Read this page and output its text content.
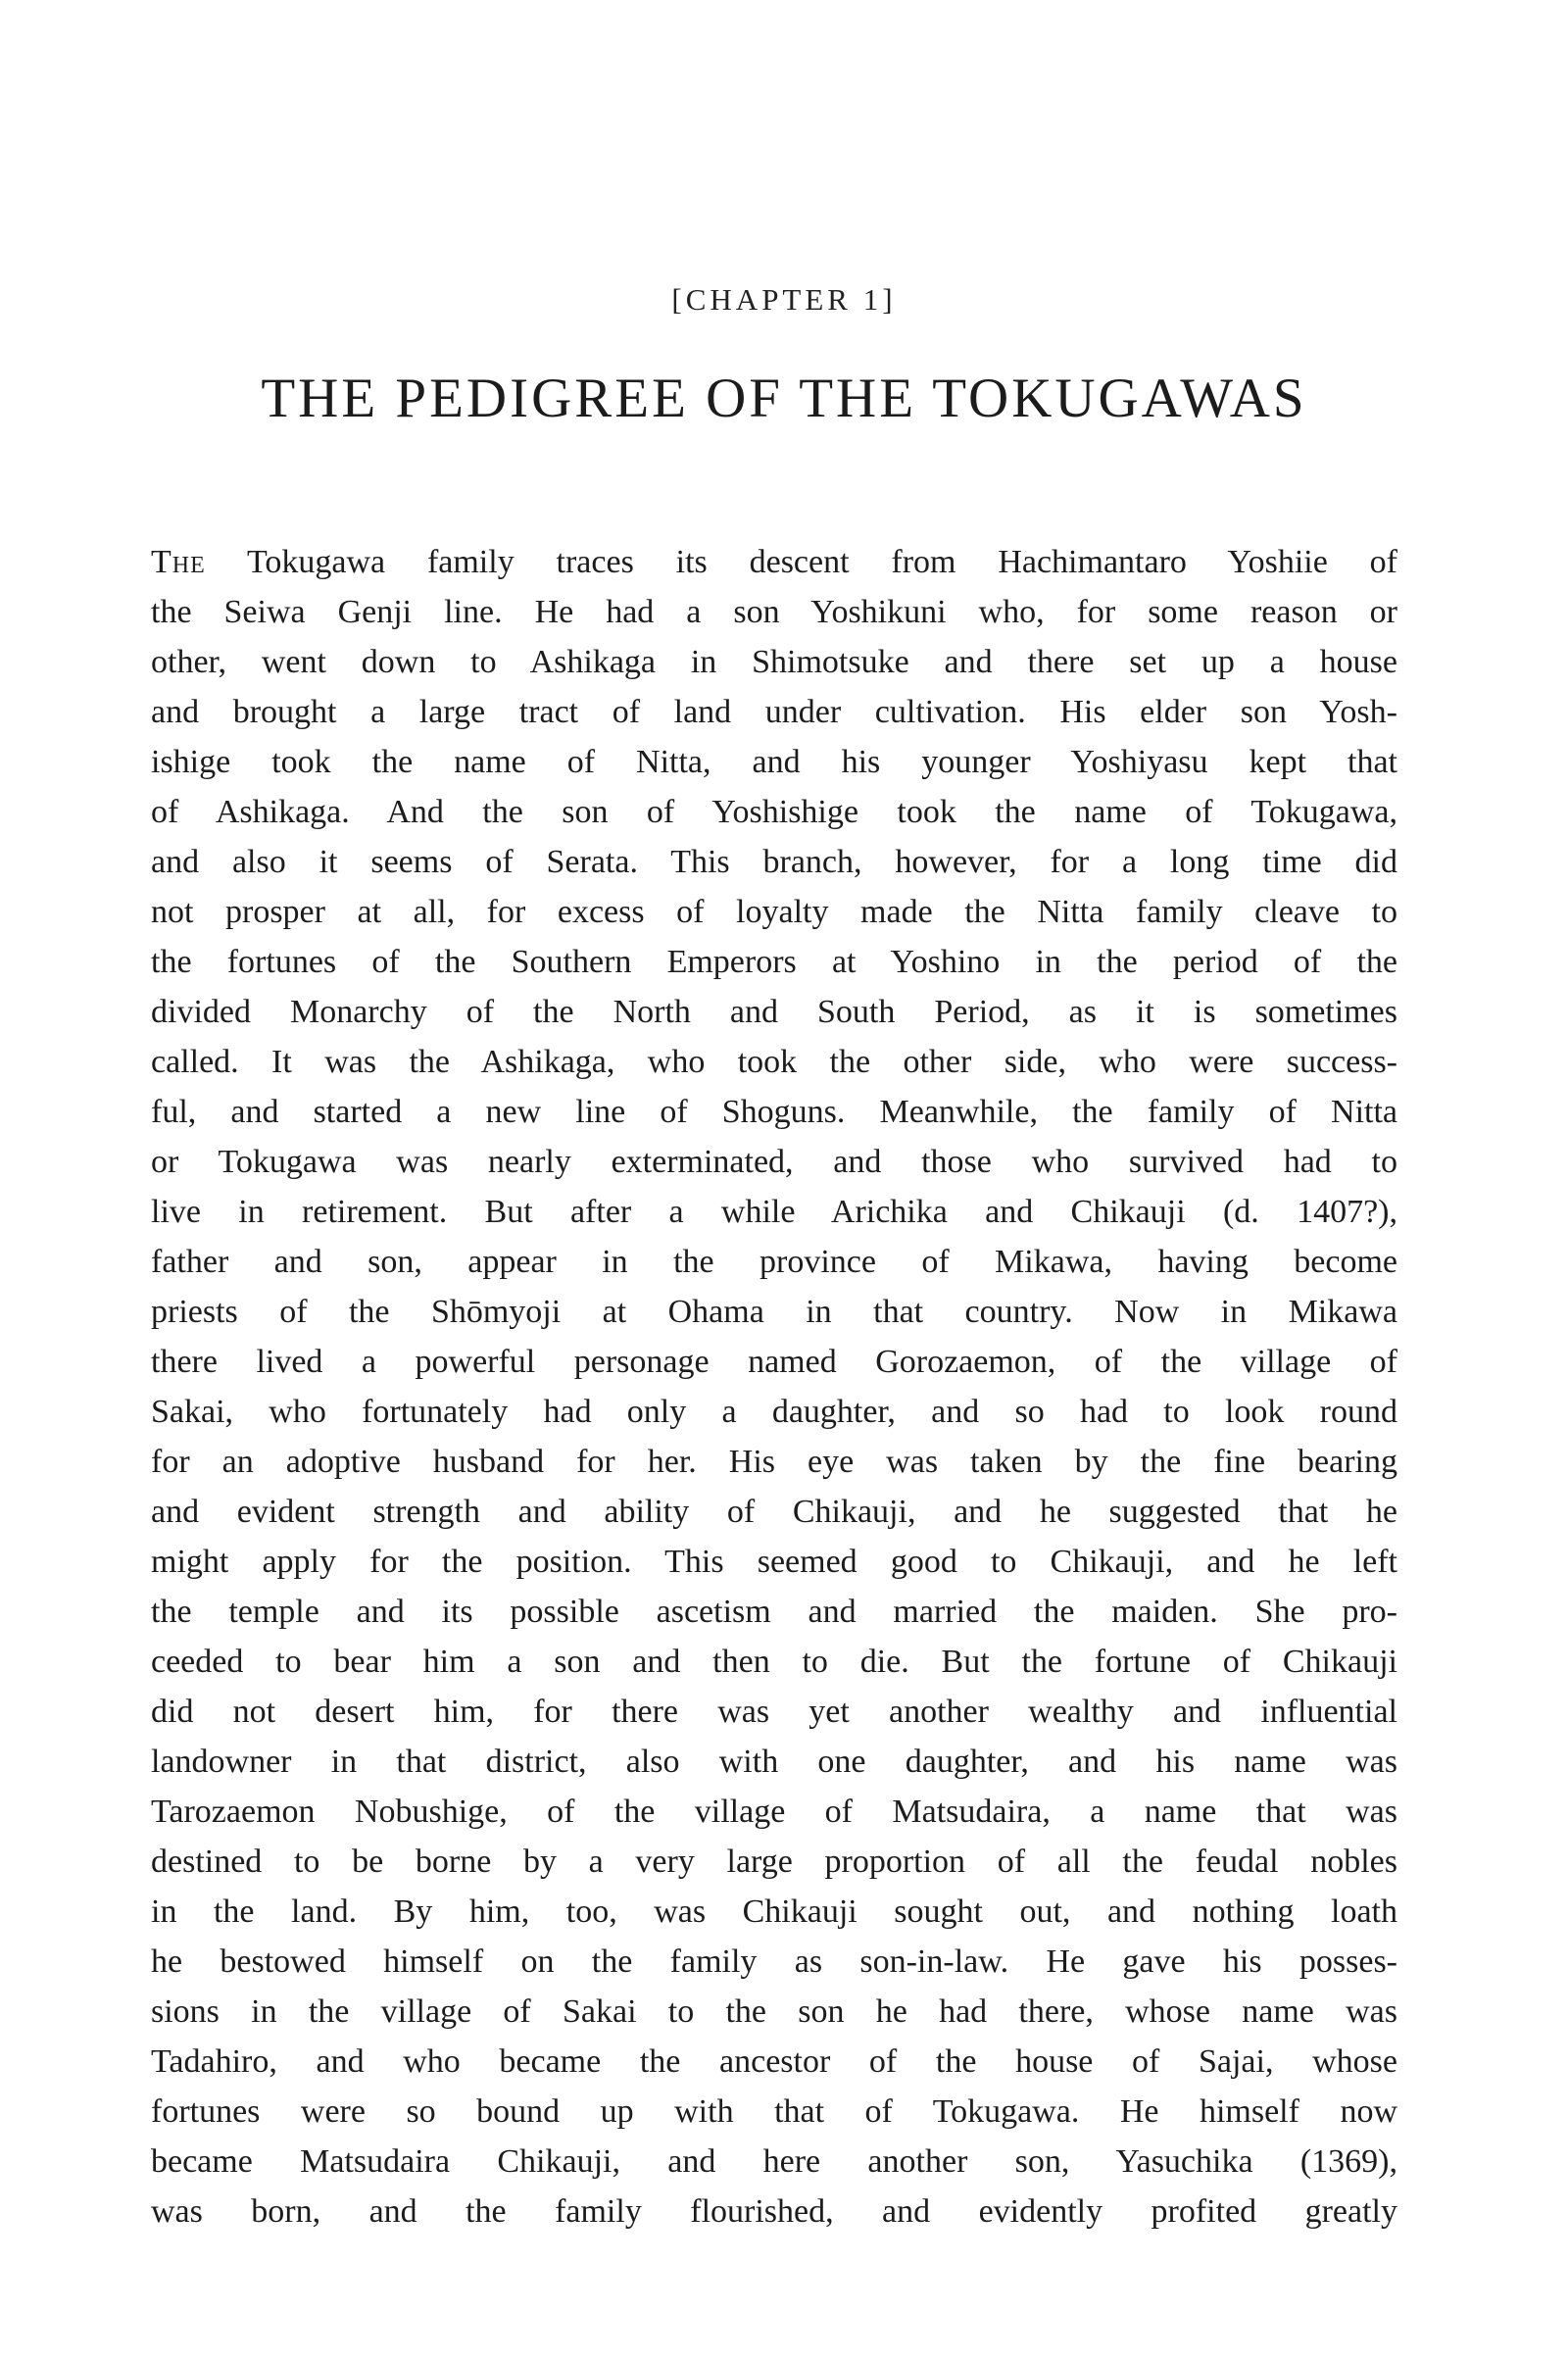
[CHAPTER 1]
THE PEDIGREE OF THE TOKUGAWAS
The Tokugawa family traces its descent from Hachimantaro Yoshiie of
the Seiwa Genji line. He had a son Yoshikuni who, for some reason or
other, went down to Ashikaga in Shimotsuke and there set up a house
and brought a large tract of land under cultivation. His elder son Yosh-
ishige took the name of Nitta, and his younger Yoshiyasu kept that
of Ashikaga. And the son of Yoshishige took the name of Tokugawa,
and also it seems of Serata. This branch, however, for a long time did
not prosper at all, for excess of loyalty made the Nitta family cleave to
the fortunes of the Southern Emperors at Yoshino in the period of the
divided Monarchy of the North and South Period, as it is sometimes
called. It was the Ashikaga, who took the other side, who were success-
ful, and started a new line of Shoguns. Meanwhile, the family of Nitta
or Tokugawa was nearly exterminated, and those who survived had to
live in retirement. But after a while Arichika and Chikauji (d. 1407?),
father and son, appear in the province of Mikawa, having become
priests of the Shōmyoji at Ohama in that country. Now in Mikawa
there lived a powerful personage named Gorozaemon, of the village of
Sakai, who fortunately had only a daughter, and so had to look round
for an adoptive husband for her. His eye was taken by the fine bearing
and evident strength and ability of Chikauji, and he suggested that he
might apply for the position. This seemed good to Chikauji, and he left
the temple and its possible ascetism and married the maiden. She pro-
ceeded to bear him a son and then to die. But the fortune of Chikauji
did not desert him, for there was yet another wealthy and influential
landowner in that district, also with one daughter, and his name was
Tarozaemon Nobushige, of the village of Matsudaira, a name that was
destined to be borne by a very large proportion of all the feudal nobles
in the land. By him, too, was Chikauji sought out, and nothing loath
he bestowed himself on the family as son-in-law. He gave his posses-
sions in the village of Sakai to the son he had there, whose name was
Tadahiro, and who became the ancestor of the house of Sajai, whose
fortunes were so bound up with that of Tokugawa. He himself now
became Matsudaira Chikauji, and here another son, Yasuchika (1369),
was born, and the family flourished, and evidently profited greatly
